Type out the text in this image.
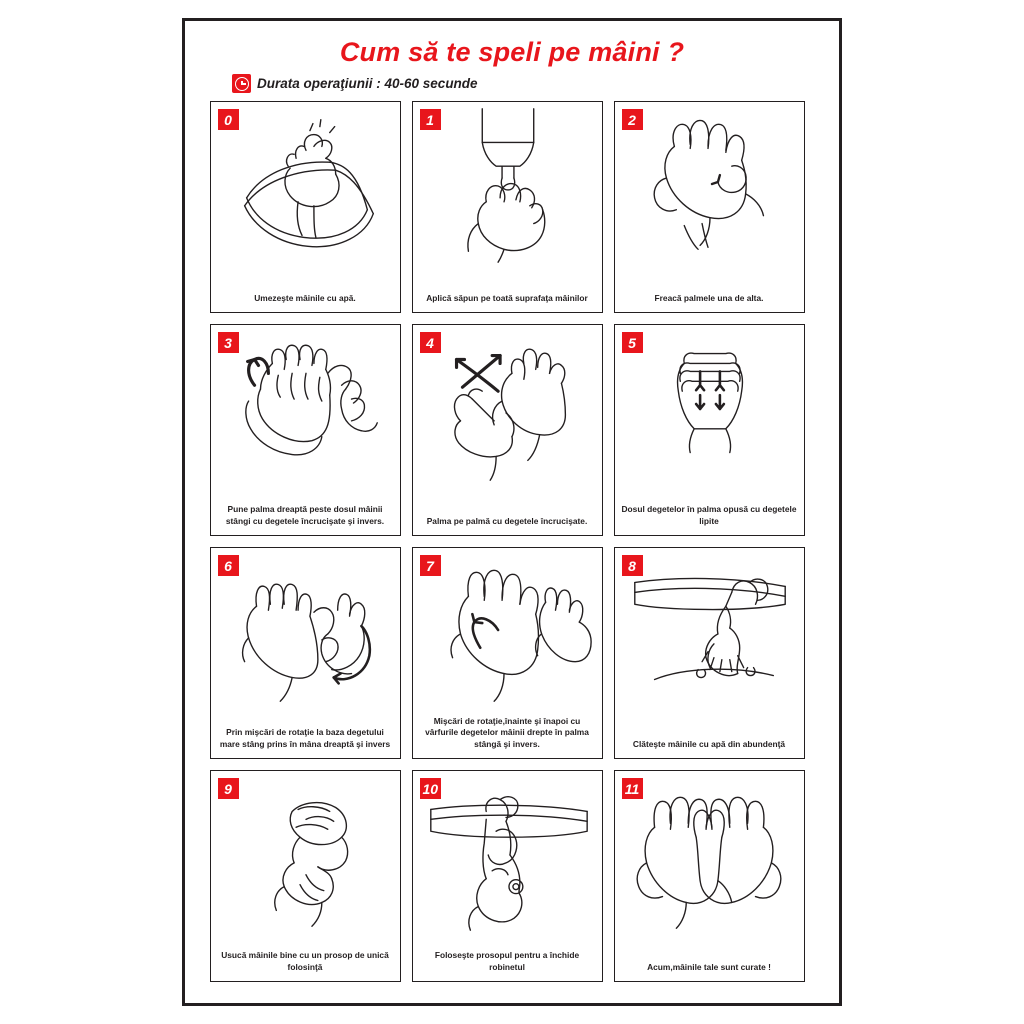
Cum să te speli pe mâini ?
Durata operaţiunii : 40-60 secunde
0
Umezeşte mâinile cu apă.
1
Aplică săpun pe toată suprafaţa mâinilor
2
Freacă palmele una de alta.
3
Pune palma dreaptă peste dosul mâinii stângi cu degetele încrucişate şi invers.
4
Palma pe palmă cu degetele încrucişate.
5
Dosul degetelor în palma opusă cu degetele lipite
6
Prin mişcări de rotaţie la baza degetului mare stâng prins în mâna dreaptă şi invers
7
Mişcări de rotaţie,înainte şi înapoi cu vârfurile degetelor mâinii drepte în palma stângă şi invers.
8
Clăteşte mâinile cu apă din abundenţă
9
Usucă mâinile bine cu un prosop de unică folosinţă
10
Foloseşte prosopul pentru a închide robinetul
11
Acum,mâinile tale sunt curate !
